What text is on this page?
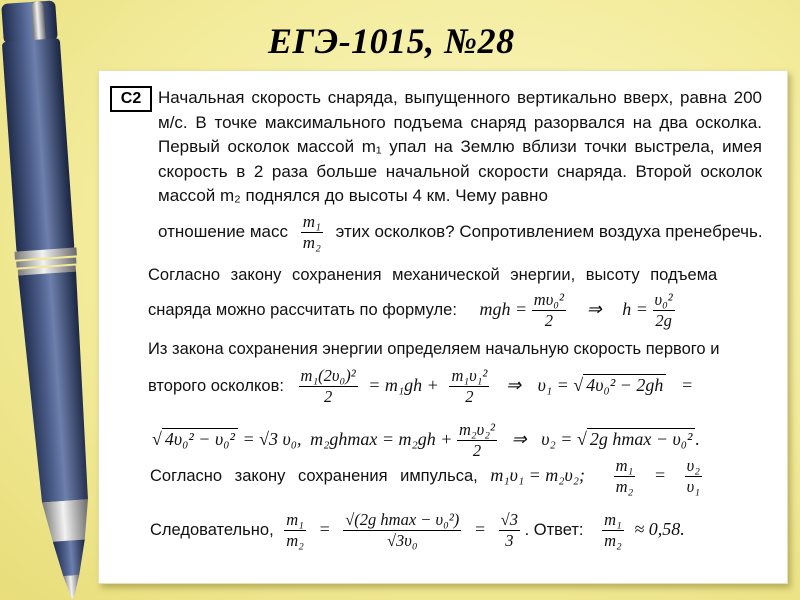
ЕГЭ-1015, №28
С2 Начальная скорость снаряда, выпущенного вертикально вверх, равна 200 м/с. В точке максимального подъема снаряд разорвался на два осколка. Первый осколок массой m₁ упал на Землю вблизи точки выстрела, имея скорость в 2 раза больше начальной скорости снаряда. Второй осколок массой m₂ поднялся до высоты 4 км. Чему равно
отношение масс $\frac{\text{m₁}}{\text{m₂}}$ этих осколков? Сопротивлением воздуха пренебречь.
Согласно закону сохранения механической энергии, высоту подъема
снаряда можно рассчитать по формуле: mgh = $\frac{\text{mυ₀²}}{2}$ ⇒ $h = \frac{\text{υ₀²}}{2g}$
Из закона сохранения энергии определяем начальную скорость первого и
второго осколков: $\frac{\text{m₁(2υ₀)²}}{2} = m_1gh + \frac{\text{m₁υ₁²}}{2}$ ⇒ υ₁ = √ 4υ₀² − 2gh =
√ 4υ₀² − υ₀² = √3 υ₀, $m_2ghmax = m_2gh + \frac{\text{m₂υ₂²}}{2}$ ⇒ υ₂ = √ 2g hmax − υ₀² .
Согласно закону сохранения импульса, m₁υ₁ = m₂υ₂; $\frac{\text{m₁}}{\text{m₂}} = \frac{\text{υ₂}}{\text{υ₁}}$
Следовательно, $\frac{\text{m₁}}{\text{m₂}} = \frac{\text{√(2g hmax − υ₀²)}}{\text{√3υ₀}} = \frac{√3}{3}$ . Ответ: $\frac{\text{m₁}}{\text{m₂}} \approx 0,58$.
